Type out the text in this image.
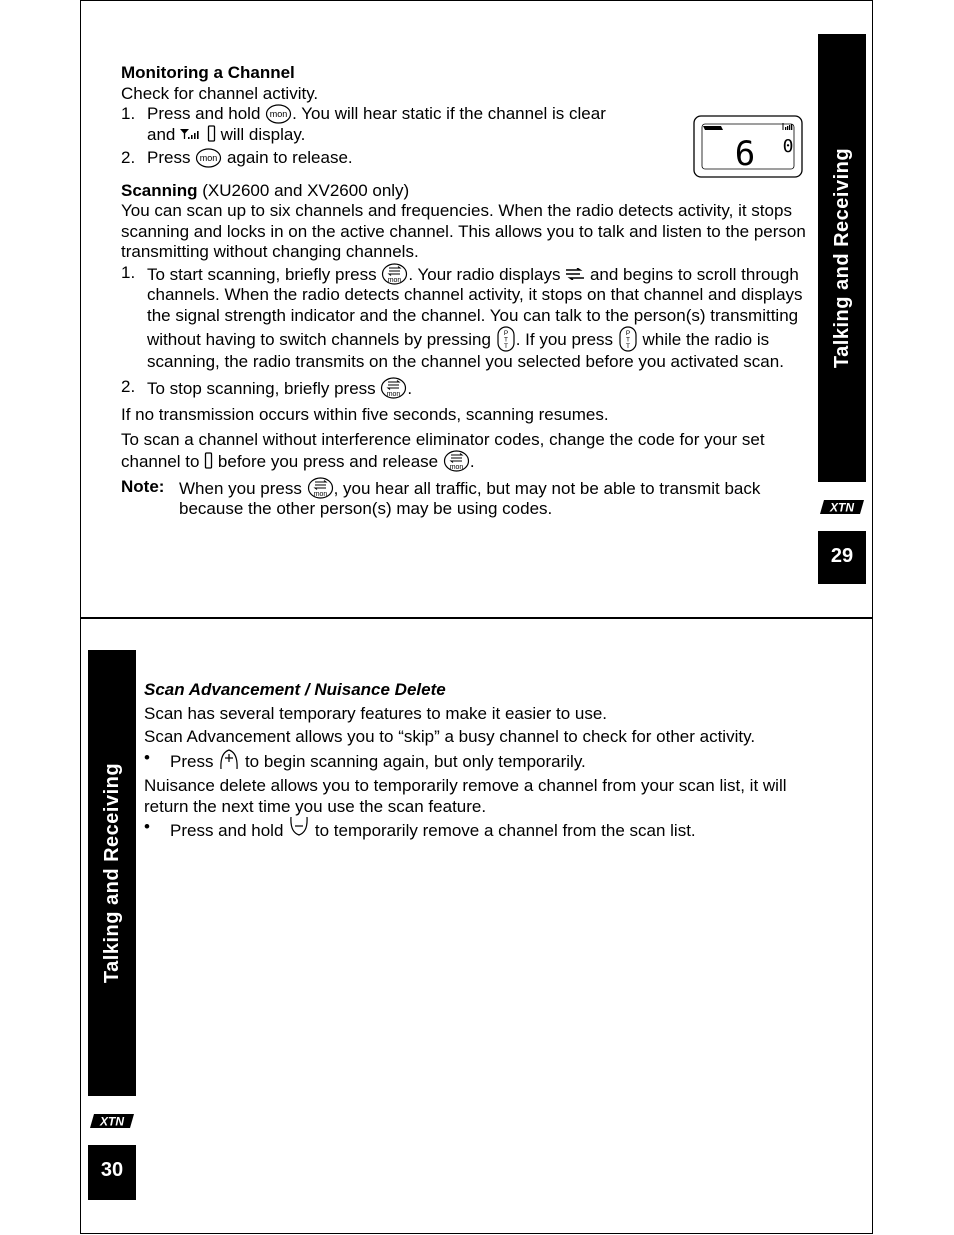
Talking and Receiving
XTN
29
6 0

Monitoring a Channel

Check for channel activity.

1. Press and hold mon . You will hear static if the channel is clear
and	will display.
2. Press mon again to release.

Scanning (XU2600 and XV2600 only)

You can scan up to six channels and frequencies. When the radio detects activity, it stops scanning and locks in on the active channel. This allows you to talk and listen to the person transmitting without changing channels.

1. To start scanning, briefly press mon . Your radio displays and begins to scroll through channels. When the radio detects channel activity, it stops on that channel and displays the signal strength indicator and the channel. You can talk to the person(s) transmitting without having to switch channels by pressing P
T
T . If you press P
T
T while the radio is scanning, the radio transmits on the channel you selected before you activated scan.
2. To stop scanning, briefly press mon .

If no transmission occurs within five seconds, scanning resumes.

To scan a channel without interference eliminator codes, change the code for your set channel to before you press and release mon .

Note: When you press mon , you hear all traffic, but may not be able to transmit back because the other person(s) may be using codes.
Talking and Receiving
XTN
30

Scan Advancement / Nuisance Delete

Scan has several temporary features to make it easier to use.

Scan Advancement allows you to “skip” a busy channel to check for other activity.

• Press to begin scanning again, but only temporarily.

Nuisance delete allows you to temporarily remove a channel from your scan list, it will return the next time you use the scan feature.

• Press and hold to temporarily remove a channel from the scan list.
